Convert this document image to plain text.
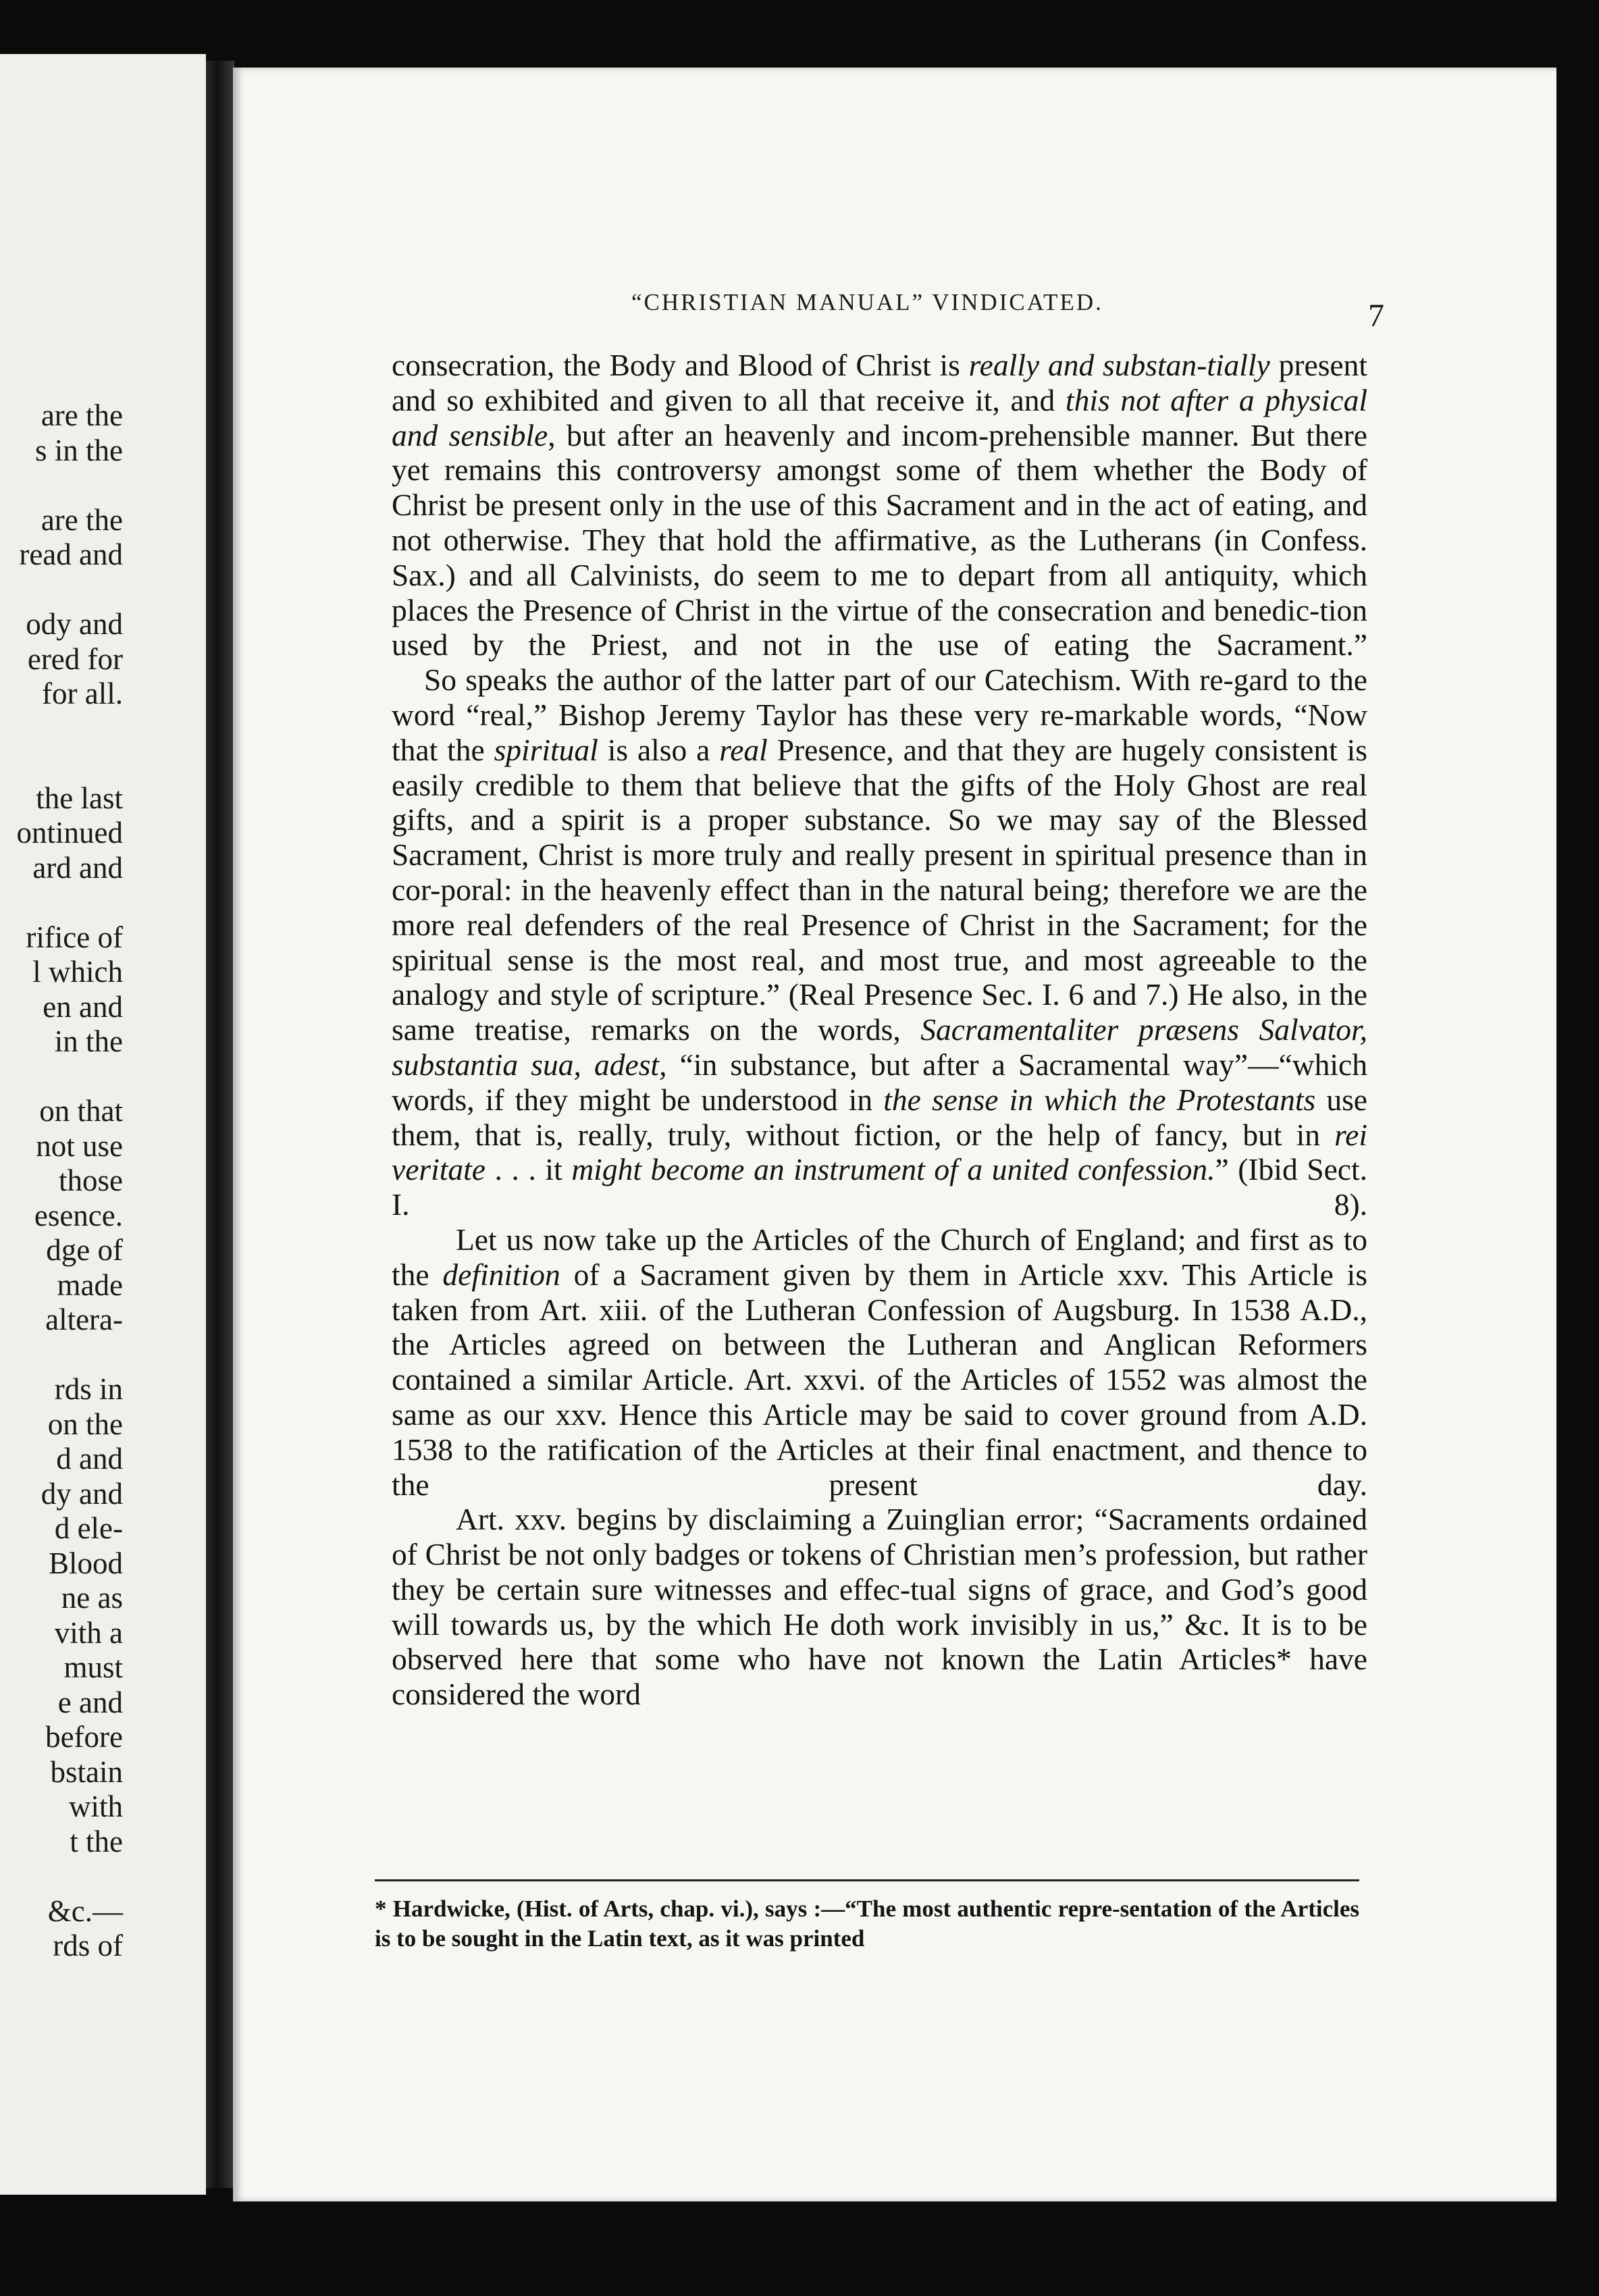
are the
s in the
are the
read and
ody and
ered for
for all.
the last
ontinued
ard and
rifice of
l which
en and
in the
on that
not use
those
esence.
dge of
made
altera-
rds in
on the
d and
dy and
d ele-
Blood
ne as
vith a
must
e and
before
bstain
with
t the
&c.—
rds of
“CHRISTIAN MANUAL” VINDICATED.	7

consecration, the Body and Blood of Christ is really and substan-tially present and so exhibited and given to all that receive it, and this not after a physical and sensible, but after an heavenly and incom-prehensible manner. But there yet remains this controversy amongst some of them whether the Body of Christ be present only in the use of this Sacrament and in the act of eating, and not otherwise. They that hold the affirmative, as the Lutherans (in Confess. Sax.) and all Calvinists, do seem to me to depart from all antiquity, which places the Presence of Christ in the virtue of the consecration and benedic-tion used by the Priest, and not in the use of eating the Sacrament.”

So speaks the author of the latter part of our Catechism. With re-gard to the word “real,” Bishop Jeremy Taylor has these very re-markable words, “Now that the spiritual is also a real Presence, and that they are hugely consistent is easily credible to them that believe that the gifts of the Holy Ghost are real gifts, and a spirit is a proper substance. So we may say of the Blessed Sacrament, Christ is more truly and really present in spiritual presence than in cor-poral: in the heavenly effect than in the natural being; therefore we are the more real defenders of the real Presence of Christ in the Sacrament; for the spiritual sense is the most real, and most true, and most agreeable to the analogy and style of scripture.” (Real Presence Sec. I. 6 and 7.) He also, in the same treatise, remarks on the words, Sacramentaliter præsens Salvator, substantia sua, adest, “in substance, but after a Sacramental way”—“which words, if they might be understood in the sense in which the Protestants use them, that is, really, truly, without fiction, or the help of fancy, but in rei veritate . . . it might become an instrument of a united confession.” (Ibid Sect. I. 8).

Let us now take up the Articles of the Church of England; and first as to the definition of a Sacrament given by them in Article xxv. This Article is taken from Art. xiii. of the Lutheran Confession of Augsburg. In 1538 A.D., the Articles agreed on between the Lutheran and Anglican Reformers contained a similar Article. Art. xxvi. of the Articles of 1552 was almost the same as our xxv. Hence this Article may be said to cover ground from A.D. 1538 to the ratification of the Articles at their final enactment, and thence to the present day.

Art. xxv. begins by disclaiming a Zuinglian error; “Sacraments ordained of Christ be not only badges or tokens of Christian men’s profession, but rather they be certain sure witnesses and effec-tual signs of grace, and God’s good will towards us, by the which He doth work invisibly in us,” &c. It is to be observed here that some who have not known the Latin Articles* have considered the word

* Hardwicke, (Hist. of Arts, chap. vi.), says :—“The most authentic repre-sentation of the Articles is to be sought in the Latin text, as it was printed
